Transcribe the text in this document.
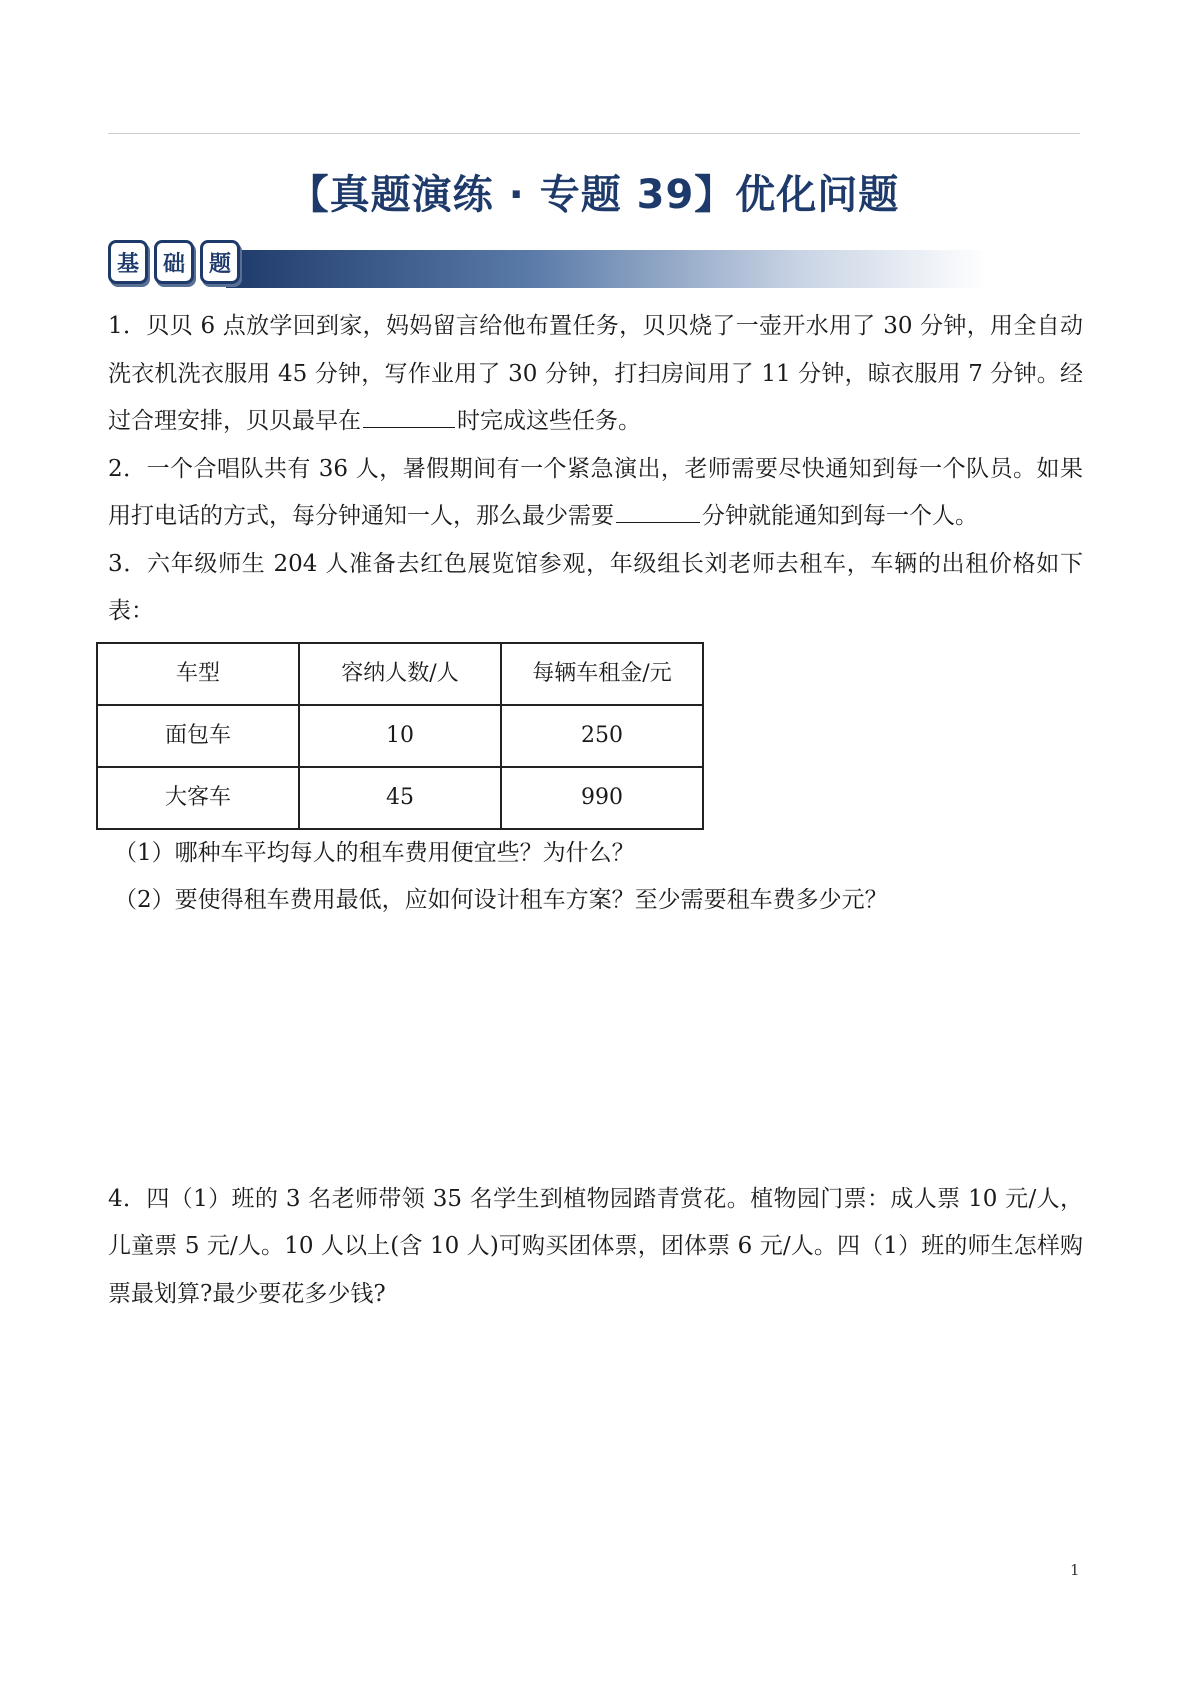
【真题演练 · 专题 39】优化问题
基	础	题

1．贝贝 6 点放学回到家，妈妈留言给他布置任务，贝贝烧了一壶开水用了 30 分钟，用全自动洗衣机洗衣服用 45 分钟，写作业用了 30 分钟，打扫房间用了 11 分钟，晾衣服用 7 分钟。经过合理安排，贝贝最早在	时完成这些任务。

2．一个合唱队共有 36 人，暑假期间有一个紧急演出，老师需要尽快通知到每一个队员。如果用打电话的方式，每分钟通知一人，那么最少需要	分钟就能通知到每一个人。

3．六年级师生 204 人准备去红色展览馆参观，年级组长刘老师去租车，车辆的出租价格如下表：

车型	容纳人数/人	每辆车租金/元
面包车	10	250
大客车	45	990

（1）哪种车平均每人的租车费用便宜些？为什么？

（2）要使得租车费用最低，应如何设计租车方案？至少需要租车费多少元？

4．四（1）班的 3 名老师带领 35 名学生到植物园踏青赏花。植物园门票：成人票 10 元/人，儿童票 5 元/人。10 人以上(含 10 人)可购买团体票，团体票 6 元/人。四（1）班的师生怎样购票最划算?最少要花多少钱?

1
